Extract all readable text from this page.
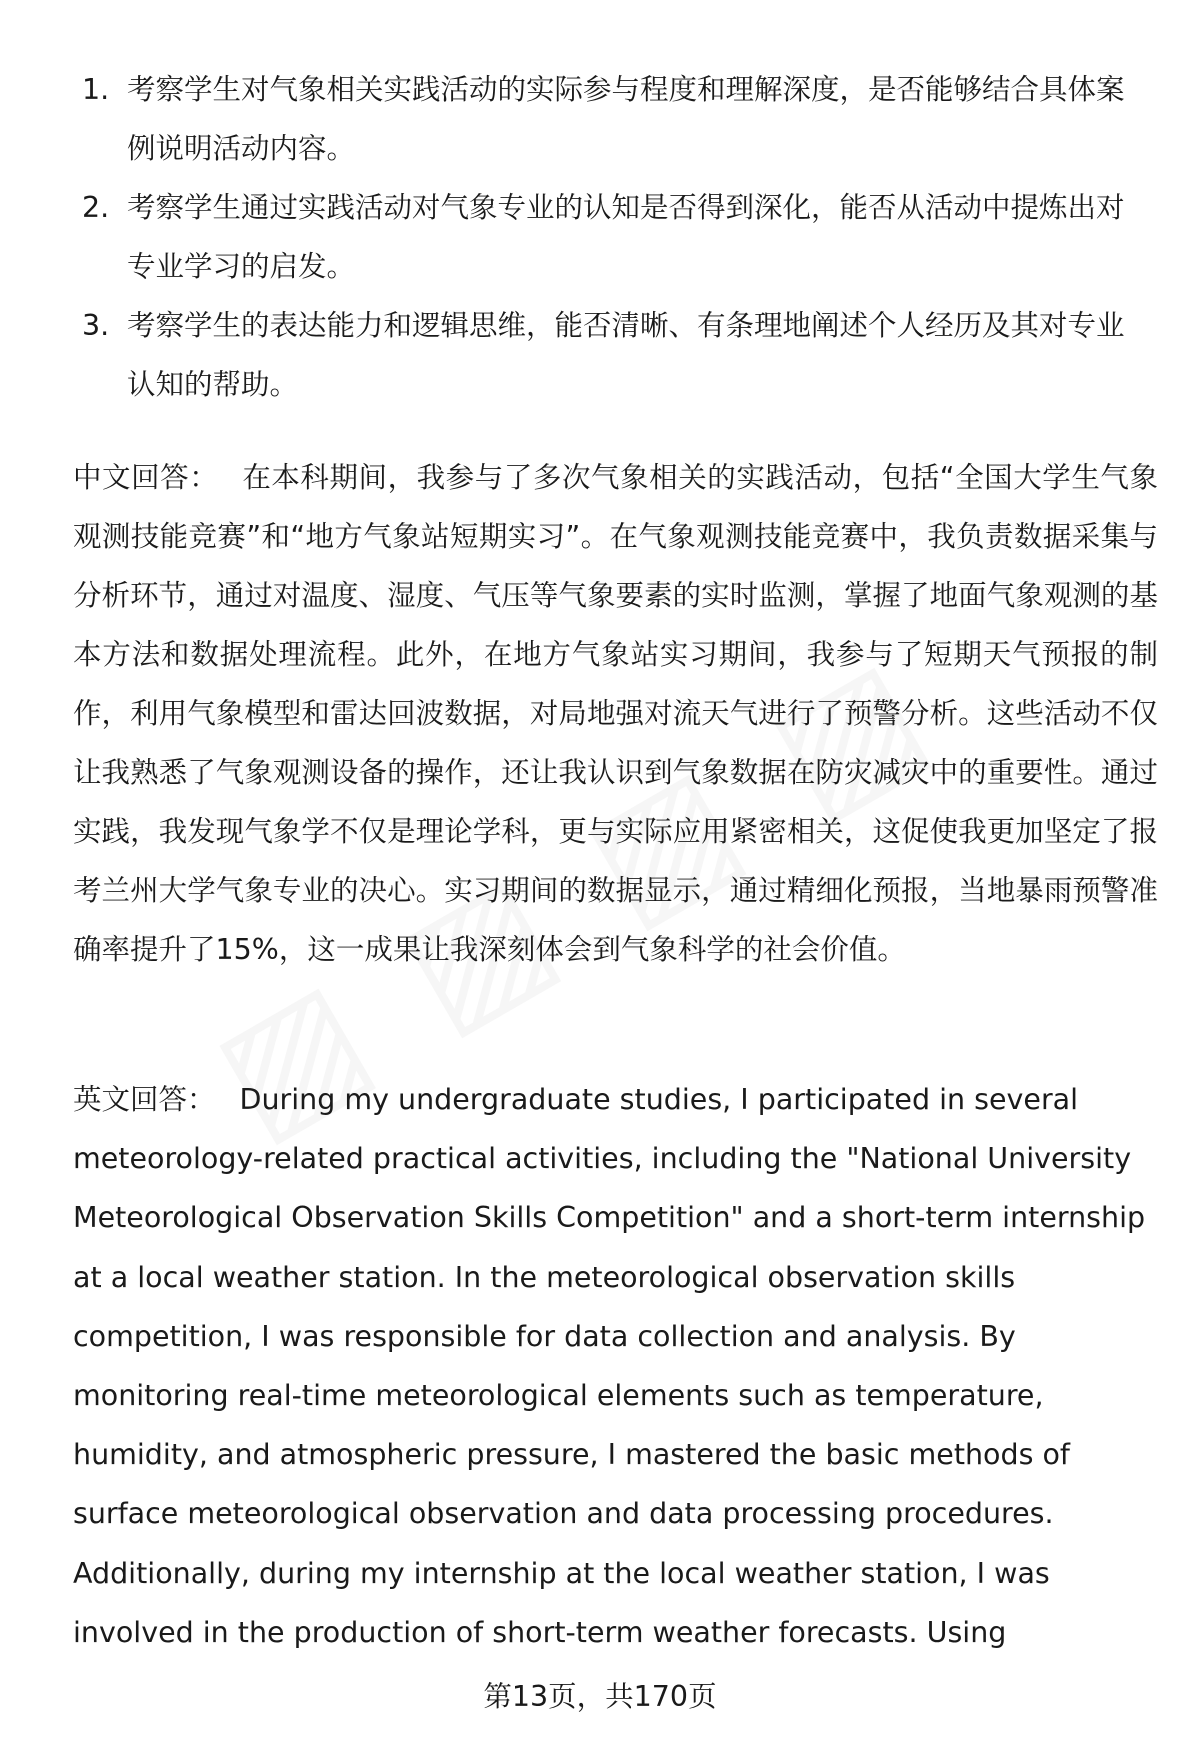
1. 考察学生对气象相关实践活动的实际参与程度和理解深度，是否能够结合具体案例说明活动内容。
2. 考察学生通过实践活动对气象专业的认知是否得到深化，能否从活动中提炼出对专业学习的启发。
3. 考察学生的表达能力和逻辑思维，能否清晰、有条理地阐述个人经历及其对专业认知的帮助。

中文回答： 在本科期间，我参与了多次气象相关的实践活动，包括“全国大学生气象观测技能竞赛”和“地方气象站短期实习”。在气象观测技能竞赛中，我负责数据采集与分析环节，通过对温度、湿度、气压等气象要素的实时监测，掌握了地面气象观测的基本方法和数据处理流程。此外，在地方气象站实习期间，我参与了短期天气预报的制作，利用气象模型和雷达回波数据，对局地强对流天气进行了预警分析。这些活动不仅让我熟悉了气象观测设备的操作，还让我认识到气象数据在防灾减灾中的重要性。通过实践，我发现气象学不仅是理论学科，更与实际应用紧密相关，这促使我更加坚定了报考兰州大学气象专业的决心。实习期间的数据显示，通过精细化预报，当地暴雨预警准确率提升了15%，这一成果让我深刻体会到气象科学的社会价值。

英文回答： During my undergraduate studies, I participated in several meteorology-related practical activities, including the "National University Meteorological Observation Skills Competition" and a short-term internship at a local weather station. In the meteorological observation skills competition, I was responsible for data collection and analysis. By monitoring real-time meteorological elements such as temperature, humidity, and atmospheric pressure, I mastered the basic methods of surface meteorological observation and data processing procedures. Additionally, during my internship at the local weather station, I was involved in the production of short-term weather forecasts. Using

第13页，共170页
